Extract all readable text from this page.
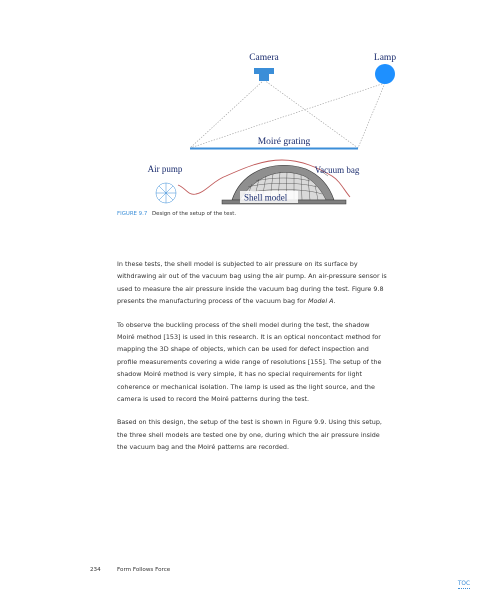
Camera	Lamp
Moiré grating
Vacuum bag
Air pump
Shell model
FIGURE 9.7 Design of the setup of the test.

In these tests, the shell model is subjected to air pressure on its surface by withdrawing air out of the vacuum bag using the air pump. An air-pressure sensor is used to measure the air pressure inside the vacuum bag during the test. Figure 9.8 presents the manufacturing process of the vacuum bag for Model A.

To observe the buckling process of the shell model during the test, the shadow Moiré method [153] is used in this research. It is an optical noncontact method for mapping the 3D shape of objects, which can be used for defect inspection and profile measurements covering a wide range of resolutions [155]. The setup of the shadow Moiré method is very simple, it has no special requirements for light coherence or mechanical isolation. The lamp is used as the light source, and the camera is used to record the Moiré patterns during the test.

Based on this design, the setup of the test is shown in Figure 9.9. Using this setup, the three shell models are tested one by one, during which the air pressure inside the vacuum bag and the Moiré patterns are recorded.

234	Form Follows Force
TOC
